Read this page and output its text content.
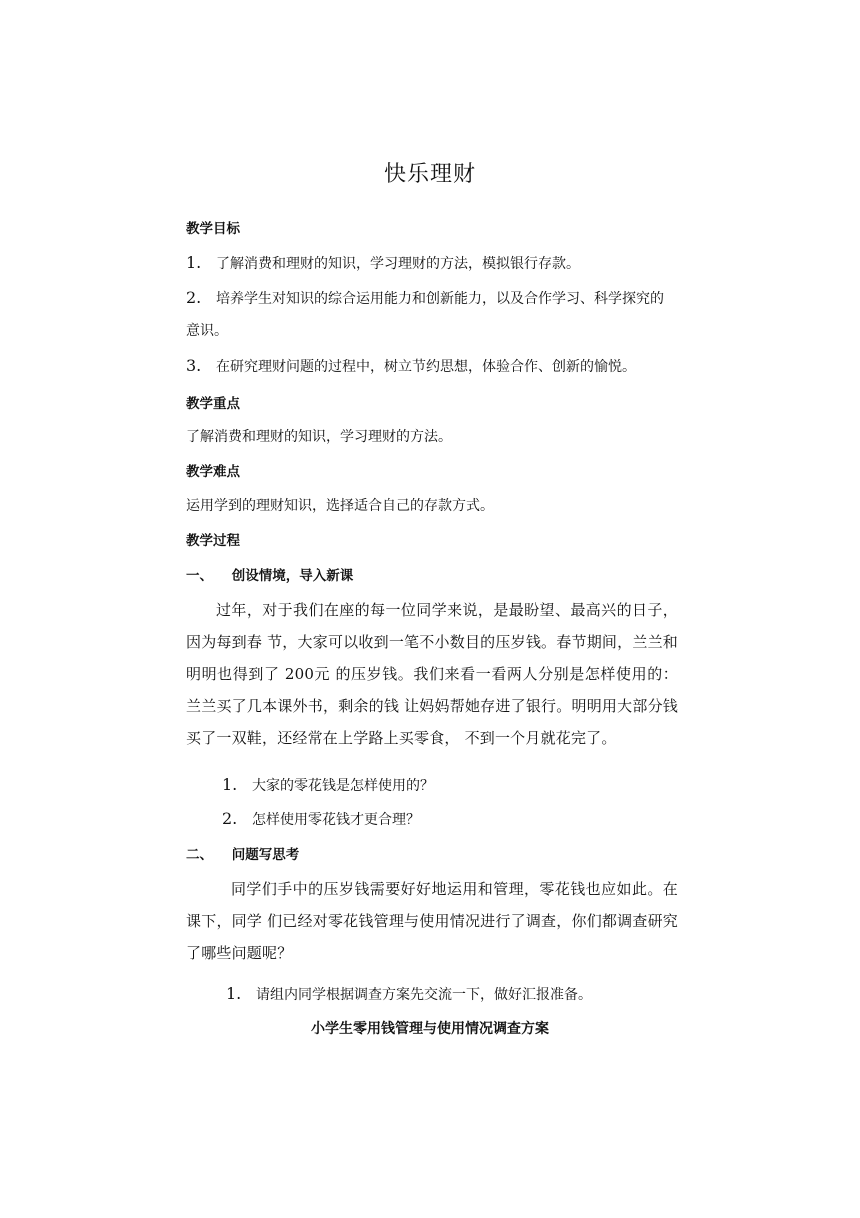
快乐理财
教学目标
1. 了解消费和理财的知识，学习理财的方法，模拟银行存款。
2. 培养学生对知识的综合运用能力和创新能力，以及合作学习、科学探究的
意识。
3. 在研究理财问题的过程中，树立节约思想，体验合作、创新的愉悦。
教学重点
了解消费和理财的知识，学习理财的方法。
教学难点
运用学到的理财知识，选择适合自己的存款方式。
教学过程
一、    创设情境，导入新课
过年，对于我们在座的每一位同学来说，是最盼望、最高兴的日子，因为每到春 节，大家可以收到一笔不小数目的压岁钱。春节期间，兰兰和明明也得到了 200元 的压岁钱。我们来看一看两人分别是怎样使用的：兰兰买了几本课外书，剩余的钱 让妈妈帮她存进了银行。明明用大部分钱买了一双鞋，还经常在上学路上买零食， 不到一个月就花完了。
1. 大家的零花钱是怎样使用的？
2. 怎样使用零花钱才更合理？
二、    问题写思考
同学们手中的压岁钱需要好好地运用和管理，零花钱也应如此。在课下，同学 们已经对零花钱管理与使用情况进行了调查，你们都调查研究了哪些问题呢？
1. 请组内同学根据调查方案先交流一下，做好汇报准备。
小学生零用钱管理与使用情况调查方案
